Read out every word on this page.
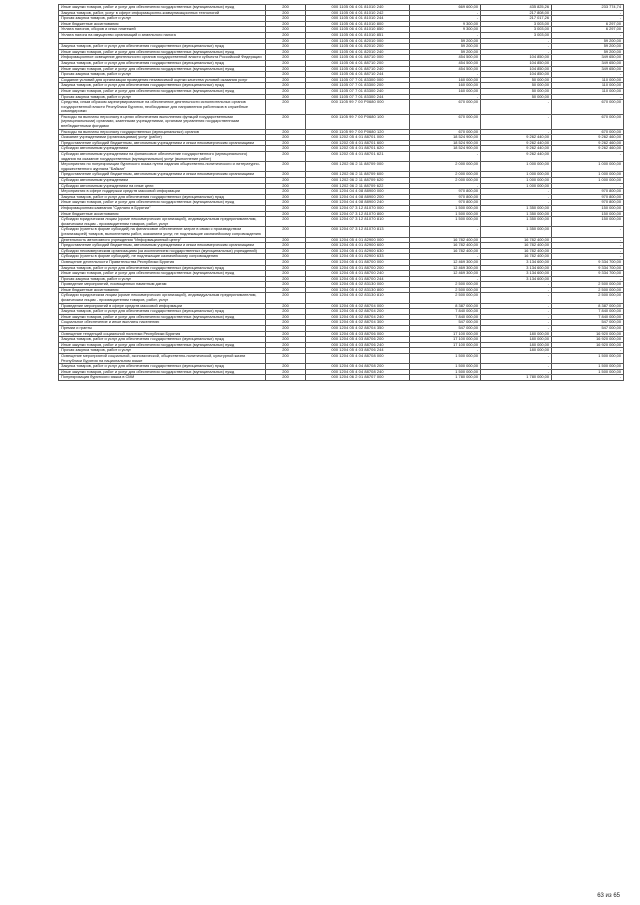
Иные закупки товаров, работ и услуг для обеспечения государственных (муниципальных) нужд	200	000 1105 06 4 01 81010 240	669 600,00	435 825,26	233 774,74
Закупка товаров, работ, услуг в сфере информационно-коммуникационных технологий	200	000 1105 06 4 01 81010 242	-	217 808,00	-
Прочая закупка товаров, работ и услуг	200	000 1105 06 4 01 81010 244	-	217 017,26	-
Иные бюджетные ассигнования	200	000 1105 06 4 01 81010 800	9 300,00	3 003,00	6 297,00
Уплата налогов, сборов и иных платежей	200	000 1105 06 4 01 81010 850	9 300,00	3 003,00	6 297,00
Уплата налога на имущество организаций и земельного налога	200	000 1105 06 4 01 81010 851	-	3 003,00	-
	200	000 1105 06 4 01 82010 000	59 200,00	-	59 200,00
Закупка товаров, работ и услуг для обеспечения государственных (муниципальных) нужд	200	000 1105 06 4 01 82010 200	59 200,00	-	59 200,00
Иные закупки товаров, работ и услуг для обеспечения государственных (муниципальных) нужд	200	000 1105 06 4 01 82010 240	59 200,00	-	59 200,00
Информационное освещение деятельности органов государственной власти субъекта Российской Федерации	200	000 1105 06 4 01 88710 000	454 500,00	104 850,00	349 650,00
Закупка товаров, работ и услуг для обеспечения государственных (муниципальных) нужд	200	000 1105 06 4 01 88710 200	454 500,00	104 850,00	349 650,00
Иные закупки товаров, работ и услуг для обеспечения государственных (муниципальных) нужд	200	000 1105 06 4 01 88710 240	454 500,00	104 850,00	349 650,00
Прочая закупка товаров, работ и услуг	200	000 1105 06 4 01 88710 244	-	104 850,00	-
Создание условий для организации проведения независимой оценки качества условий оказания услуг	200	000 1105 07 7 01 83300 000	160 000,00	50 000,00	110 000,00
Закупка товаров, работ и услуг для обеспечения государственных (муниципальных) нужд	200	000 1105 07 7 01 83300 200	160 000,00	50 000,00	110 000,00
Иные закупки товаров, работ и услуг для обеспечения государственных (муниципальных) нужд	200	000 1105 07 7 01 83300 240	160 000,00	50 000,00	110 000,00
Прочая закупка товаров, работ и услуг	200	000 1105 07 7 01 83300 244	-	50 000,00	-
Средства, иным образом зарезервированные на обеспечение деятельности исполнительных органов государственной власти Республики Бурятия, необходимые для направления работников в служебные командировки	200	000 1105 99 7 00 Р0680 000	670 000,00	-	670 000,00
Расходы на выплаты персоналу в целях обеспечения выполнения функций государственными (муниципальными) органами, казенными учреждениями, органами управления государственными внебюджетными фондами	200	000 1105 99 7 00 Р0680 100	670 000,00	-	670 000,00
Расходы на выплаты персоналу государственных (муниципальных) органов	200	000 1105 99 7 00 Р0680 120	670 000,00	-	670 000,00
Оказание учреждениями (организациями) услуг (работ)	200	000 1202 05 4 01 88701 000	18 524 900,00	9 262 440,00	9 262 460,00
Предоставление субсидий бюджетным, автономным учреждениям и иным некоммерческим организациям	200	000 1202 05 4 01 88701 600	18 524 900,00	9 262 440,00	9 262 460,00
Субсидии автономным учреждениям	200	000 1202 05 4 01 88701 620	18 524 900,00	9 262 440,00	9 262 460,00
Субсидии автономным учреждениям на финансовое обеспечение государственного (муниципального) задания на оказание государственных (муниципальных) услуг (выполнение работ)	200	000 1202 05 4 01 88701 621	-	9 262 440,00	-
Мероприятия по популяризации бурятского языка путем издания общественно-политического и литературно-художественного журнала "Байкал"	200	000 1202 06 2 11 88709 000	2 000 000,00	1 000 000,00	1 000 000,00
Предоставление субсидий бюджетным, автономным учреждениям и иным некоммерческим организациям	200	000 1202 06 2 11 88709 600	2 000 000,00	1 000 000,00	1 000 000,00
Субсидии автономным учреждениям	200	000 1202 06 2 11 88709 620	2 000 000,00	1 000 000,00	1 000 000,00
Субсидии автономным учреждениям на иные цели	200	000 1202 06 2 11 88709 622	-	1 000 000,00	-
Мероприятия в сфере поддержки средств массовой информации	200	000 1204 04 4 08 88900 000	970 800,00	-	970 800,00
Закупка товаров, работ и услуг для обеспечения государственных (муниципальных) нужд	200	000 1204 04 4 08 88900 200	970 800,00	-	970 800,00
Иные закупки товаров, работ и услуг для обеспечения государственных (муниципальных) нужд	200	000 1204 04 4 08 88900 240	970 800,00	-	970 800,00
Информационная кампания "Сделано в Бурятии"	200	000 1204 07 3 12 81070 000	1 500 000,00	1 350 000,00	150 000,00
Иные бюджетные ассигнования	200	000 1204 07 3 12 81070 800	1 500 000,00	1 350 000,00	150 000,00
Субсидии юридическим лицам (кроме некоммерческих организаций), индивидуальным предпринимателям, физическим лицам - производителям товаров, работ, услуг	200	000 1204 07 3 12 81070 810	1 500 000,00	1 350 000,00	150 000,00
Субсидии (гранты в форме субсидий) на финансовое обеспечение затрат в связи с производством (реализацией) товаров, выполнением работ, оказанием услуг, не подлежащие казначейскому сопровождению	200	000 1204 07 3 12 81070 813	-	1 350 000,00	-
Деятельность автономного учреждения "Информационный центр"	200	000 1204 05 4 01 82900 000	16 782 400,00	16 782 400,00	-
Предоставление субсидий бюджетным, автономным учреждениям и иным некоммерческим организациям	200	000 1204 05 4 01 82900 600	16 782 400,00	16 782 400,00	-
Субсидии некоммерческим организациям (за исключением государственных (муниципальных) учреждений)	200	000 1204 05 4 01 82900 630	16 782 400,00	16 782 400,00	-
Субсидии (гранты в форме субсидий), не подлежащие казначейскому сопровождению	200	000 1204 05 4 01 82900 633	-	16 782 400,00	-
Освещение деятельности Правительства Республики Бурятия	200	000 1204 05 4 01 88700 000	12 469 300,00	3 134 600,00	9 334 700,00
Закупка товаров, работ и услуг для обеспечения государственных (муниципальных) нужд	200	000 1204 05 4 01 88700 200	12 469 300,00	3 134 600,00	9 334 700,00
Иные закупки товаров, работ и услуг для обеспечения государственных (муниципальных) нужд	200	000 1204 05 4 01 88700 240	12 469 300,00	3 134 600,00	9 334 700,00
Прочая закупка товаров, работ и услуг	200	000 1204 05 4 01 88700 244	-	3 134 600,00	-
Проведение мероприятий, посвященных памятным датам	200	000 1204 05 4 02 83130 000	2 500 000,00	-	2 500 000,00
Иные бюджетные ассигнования	200	000 1204 05 4 02 83130 800	2 500 000,00	-	2 500 000,00
Субсидии юридическим лицам (кроме некоммерческих организаций), индивидуальным предпринимателям, физическим лицам - производителям товаров, работ, услуг	200	000 1204 05 4 02 83130 810	2 500 000,00	-	2 500 000,00
Проведение мероприятий в сфере средств массовой информации	200	000 1204 05 4 02 88704 000	8 387 000,00	-	8 387 000,00
Закупка товаров, работ и услуг для обеспечения государственных (муниципальных) нужд	200	000 1204 05 4 02 88704 200	7 840 000,00	-	7 840 000,00
Иные закупки товаров, работ и услуг для обеспечения государственных (муниципальных) нужд	200	000 1204 05 4 02 88704 240	7 840 000,00	-	7 840 000,00
Социальное обеспечение и иные выплаты населению	200	000 1204 05 4 02 88704 300	547 000,00	-	547 000,00
Премии и гранты	200	000 1204 05 4 02 88704 350	547 000,00	-	547 000,00
Освещение тенденций социальной политики Республики Бурятия	200	000 1204 05 4 03 88706 000	17 100 000,00	180 000,00	16 920 000,00
Закупка товаров, работ и услуг для обеспечения государственных (муниципальных) нужд	200	000 1204 05 4 03 88706 200	17 100 000,00	180 000,00	16 920 000,00
Иные закупки товаров, работ и услуг для обеспечения государственных (муниципальных) нужд	200	000 1204 05 4 03 88706 240	17 100 000,00	180 000,00	16 920 000,00
Прочая закупка товаров, работ и услуг	200	000 1204 05 4 03 88706 244	-	180 000,00	-
Освещение мероприятий социальной, экономической, общественно-политической, культурной жизни Республики Бурятия на национальном языке	200	000 1204 05 4 04 88708 000	1 500 000,00	-	1 500 000,00
Закупка товаров, работ и услуг для обеспечения государственных (муниципальных) нужд	200	000 1204 05 4 04 88708 200	1 500 000,00	-	1 500 000,00
Иные закупки товаров, работ и услуг для обеспечения государственных (муниципальных) нужд	200	000 1204 05 4 04 88708 240	1 500 000,00	-	1 500 000,00
Популяризация бурятского языка в СМИ	200	000 1204 06 2 01 88707 000	1 780 000,00	1 780 000,00	-
63 из 65
